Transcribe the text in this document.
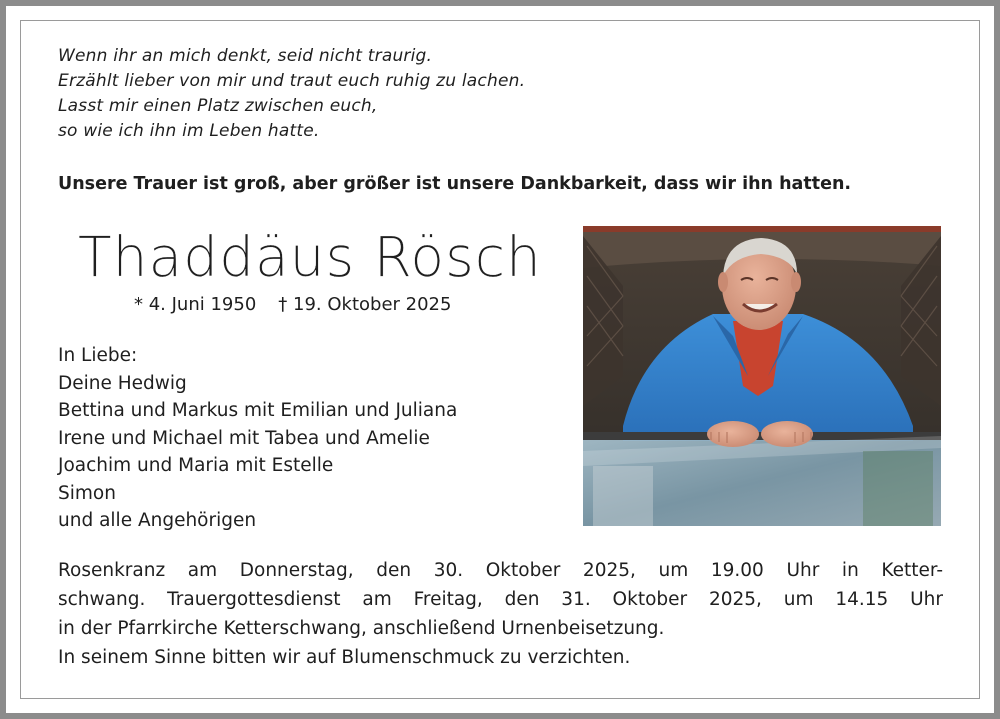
Wenn ihr an mich denkt, seid nicht traurig.
Erzählt lieber von mir und traut euch ruhig zu lachen.
Lasst mir einen Platz zwischen euch,
so wie ich ihn im Leben hatte.
Unsere Trauer ist groß, aber größer ist unsere Dankbarkeit, dass wir ihn hatten.
Thaddäus Rösch
* 4. Juni 1950 † 19. Oktober 2025
In Liebe:
Deine Hedwig
Bettina und Markus mit Emilian und Juliana
Irene und Michael mit Tabea und Amelie
Joachim und Maria mit Estelle
Simon
und alle Angehörigen
Rosenkranz am Donnerstag, den 30. Oktober 2025, um 19.00 Uhr in Ketter-
schwang. Trauergottesdienst am Freitag, den 31. Oktober 2025, um 14.15 Uhr
in der Pfarrkirche Ketterschwang, anschließend Urnenbeisetzung.
In seinem Sinne bitten wir auf Blumenschmuck zu verzichten.
